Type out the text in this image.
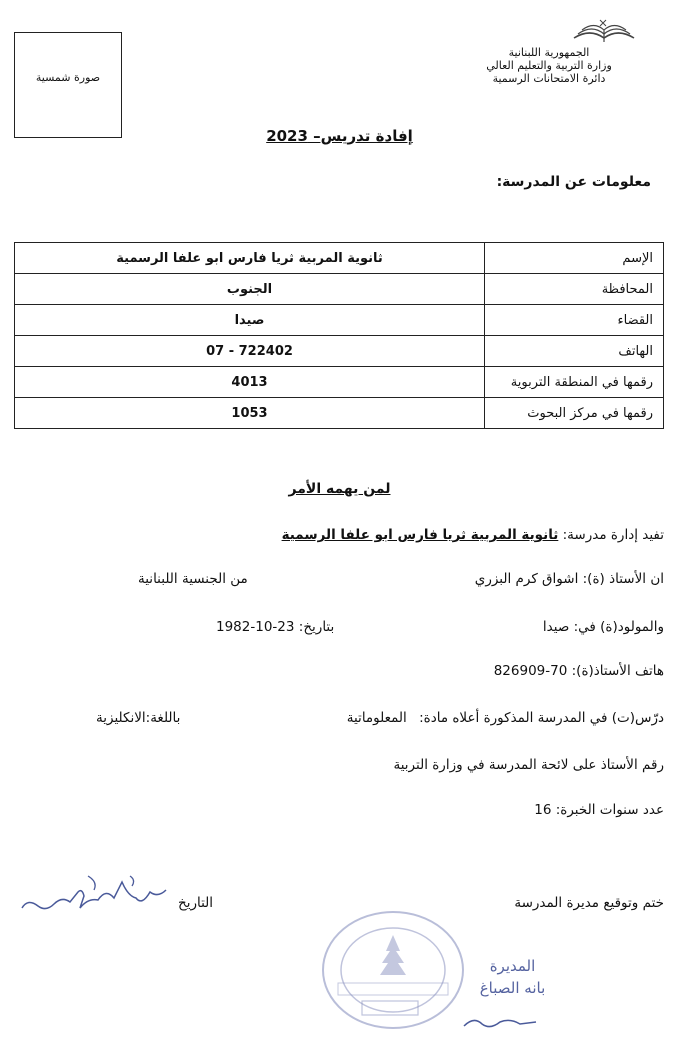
صورة شمسية
الجمهورية اللبنانية
وزارة التربية والتعليم العالي
دائرة الامتحانات الرسمية
إفادة تدريس– 2023
معلومات عن المدرسة:
الإسم	ثانوية المربية ثريا فارس ابو علفا الرسمية
المحافظة	الجنوب
القضاء	صيدا
الهاتف	07 - 722402
رقمها في المنطقة التربوية	4013
رقمها في مركز البحوث	1053
لمن يهمه الأمر
تفيد إدارة مدرسة: ثانوية المربية ثريا فارس ابو علفا الرسمية
ان الأستاذ (ة): اشواق كرم البزري
من الجنسية اللبنانية
والمولود(ة) في: صيدا
بتاريخ: 23-10-1982
هاتف الأستاذ(ة): 70-826909
درّس(ت) في المدرسة المذكورة أعلاه مادة: المعلوماتية
باللغة:الانكليزية
رقم الأستاذ على لائحة المدرسة في وزارة التربية
عدد سنوات الخبرة: 16
ختم وتوقيع مديرة المدرسة
التاريخ
المديرة
بانه الصباغ
